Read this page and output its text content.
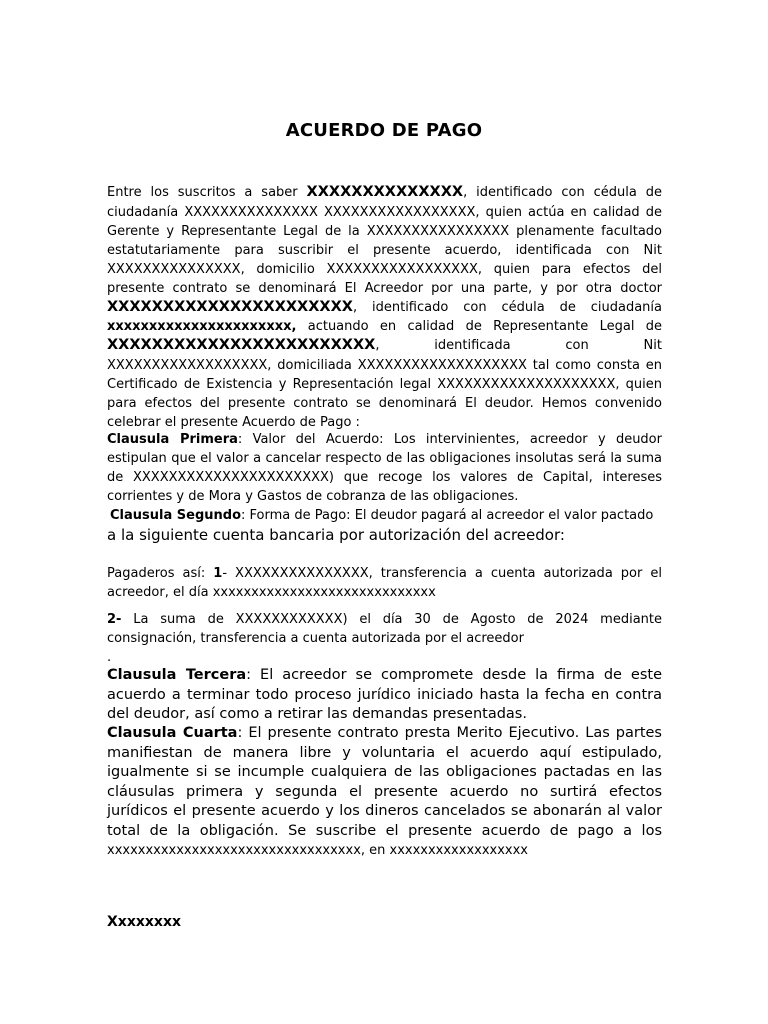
ACUERDO DE PAGO

Entre los suscritos a saber XXXXXXXXXXXXXX, identificado con cédula de ciudadanía XXXXXXXXXXXXXXX XXXXXXXXXXXXXXXXX, quien actúa en calidad de Gerente y Representante Legal de la XXXXXXXXXXXXXXXX plenamente facultado estatutariamente para suscribir el presente acuerdo, identificada con Nit XXXXXXXXXXXXXXX, domicilio XXXXXXXXXXXXXXXXX, quien para efectos del presente contrato se denominará El Acreedor por una parte, y por otra doctor XXXXXXXXXXXXXXXXXXXXXX, identificado con cédula de ciudadanía xxxxxxxxxxxxxxxxxxxxxx, actuando en calidad de Representante Legal de XXXXXXXXXXXXXXXXXXXXXXXX, identificada con Nit XXXXXXXXXXXXXXXXXX, domiciliada XXXXXXXXXXXXXXXXXXX tal como consta en Certificado de Existencia y Representación legal XXXXXXXXXXXXXXXXXXXX, quien para efectos del presente contrato se denominará El deudor. Hemos convenido celebrar el presente Acuerdo de Pago :

Clausula Primera: Valor del Acuerdo: Los intervinientes, acreedor y deudor estipulan que el valor a cancelar respecto de las obligaciones insolutas será la suma de XXXXXXXXXXXXXXXXXXXXXX) que recoge los valores de Capital, intereses corrientes y de Mora y Gastos de cobranza de las obligaciones.

Clausula Segundo: Forma de Pago: El deudor pagará al acreedor el valor pactado

a la siguiente cuenta bancaria por autorización del acreedor:

Pagaderos así: 1- XXXXXXXXXXXXXXX, transferencia a cuenta autorizada por el acreedor, el día xxxxxxxxxxxxxxxxxxxxxxxxxxxxx

2- La suma de XXXXXXXXXXXX) el día 30 de Agosto de 2024 mediante consignación, transferencia a cuenta autorizada por el acreedor

.

Clausula Tercera: El acreedor se compromete desde la firma de este acuerdo a terminar todo proceso jurídico iniciado hasta la fecha en contra del deudor, así como a retirar las demandas presentadas.

Clausula Cuarta: El presente contrato presta Merito Ejecutivo. Las partes manifiestan de manera libre y voluntaria el acuerdo aquí estipulado, igualmente si se incumple cualquiera de las obligaciones pactadas en las cláusulas primera y segunda el presente acuerdo no surtirá efectos jurídicos el presente acuerdo y los dineros cancelados se abonarán al valor total de la obligación. Se suscribe el presente acuerdo de pago a los

xxxxxxxxxxxxxxxxxxxxxxxxxxxxxxxxx, en xxxxxxxxxxxxxxxxxx

Xxxxxxxx
